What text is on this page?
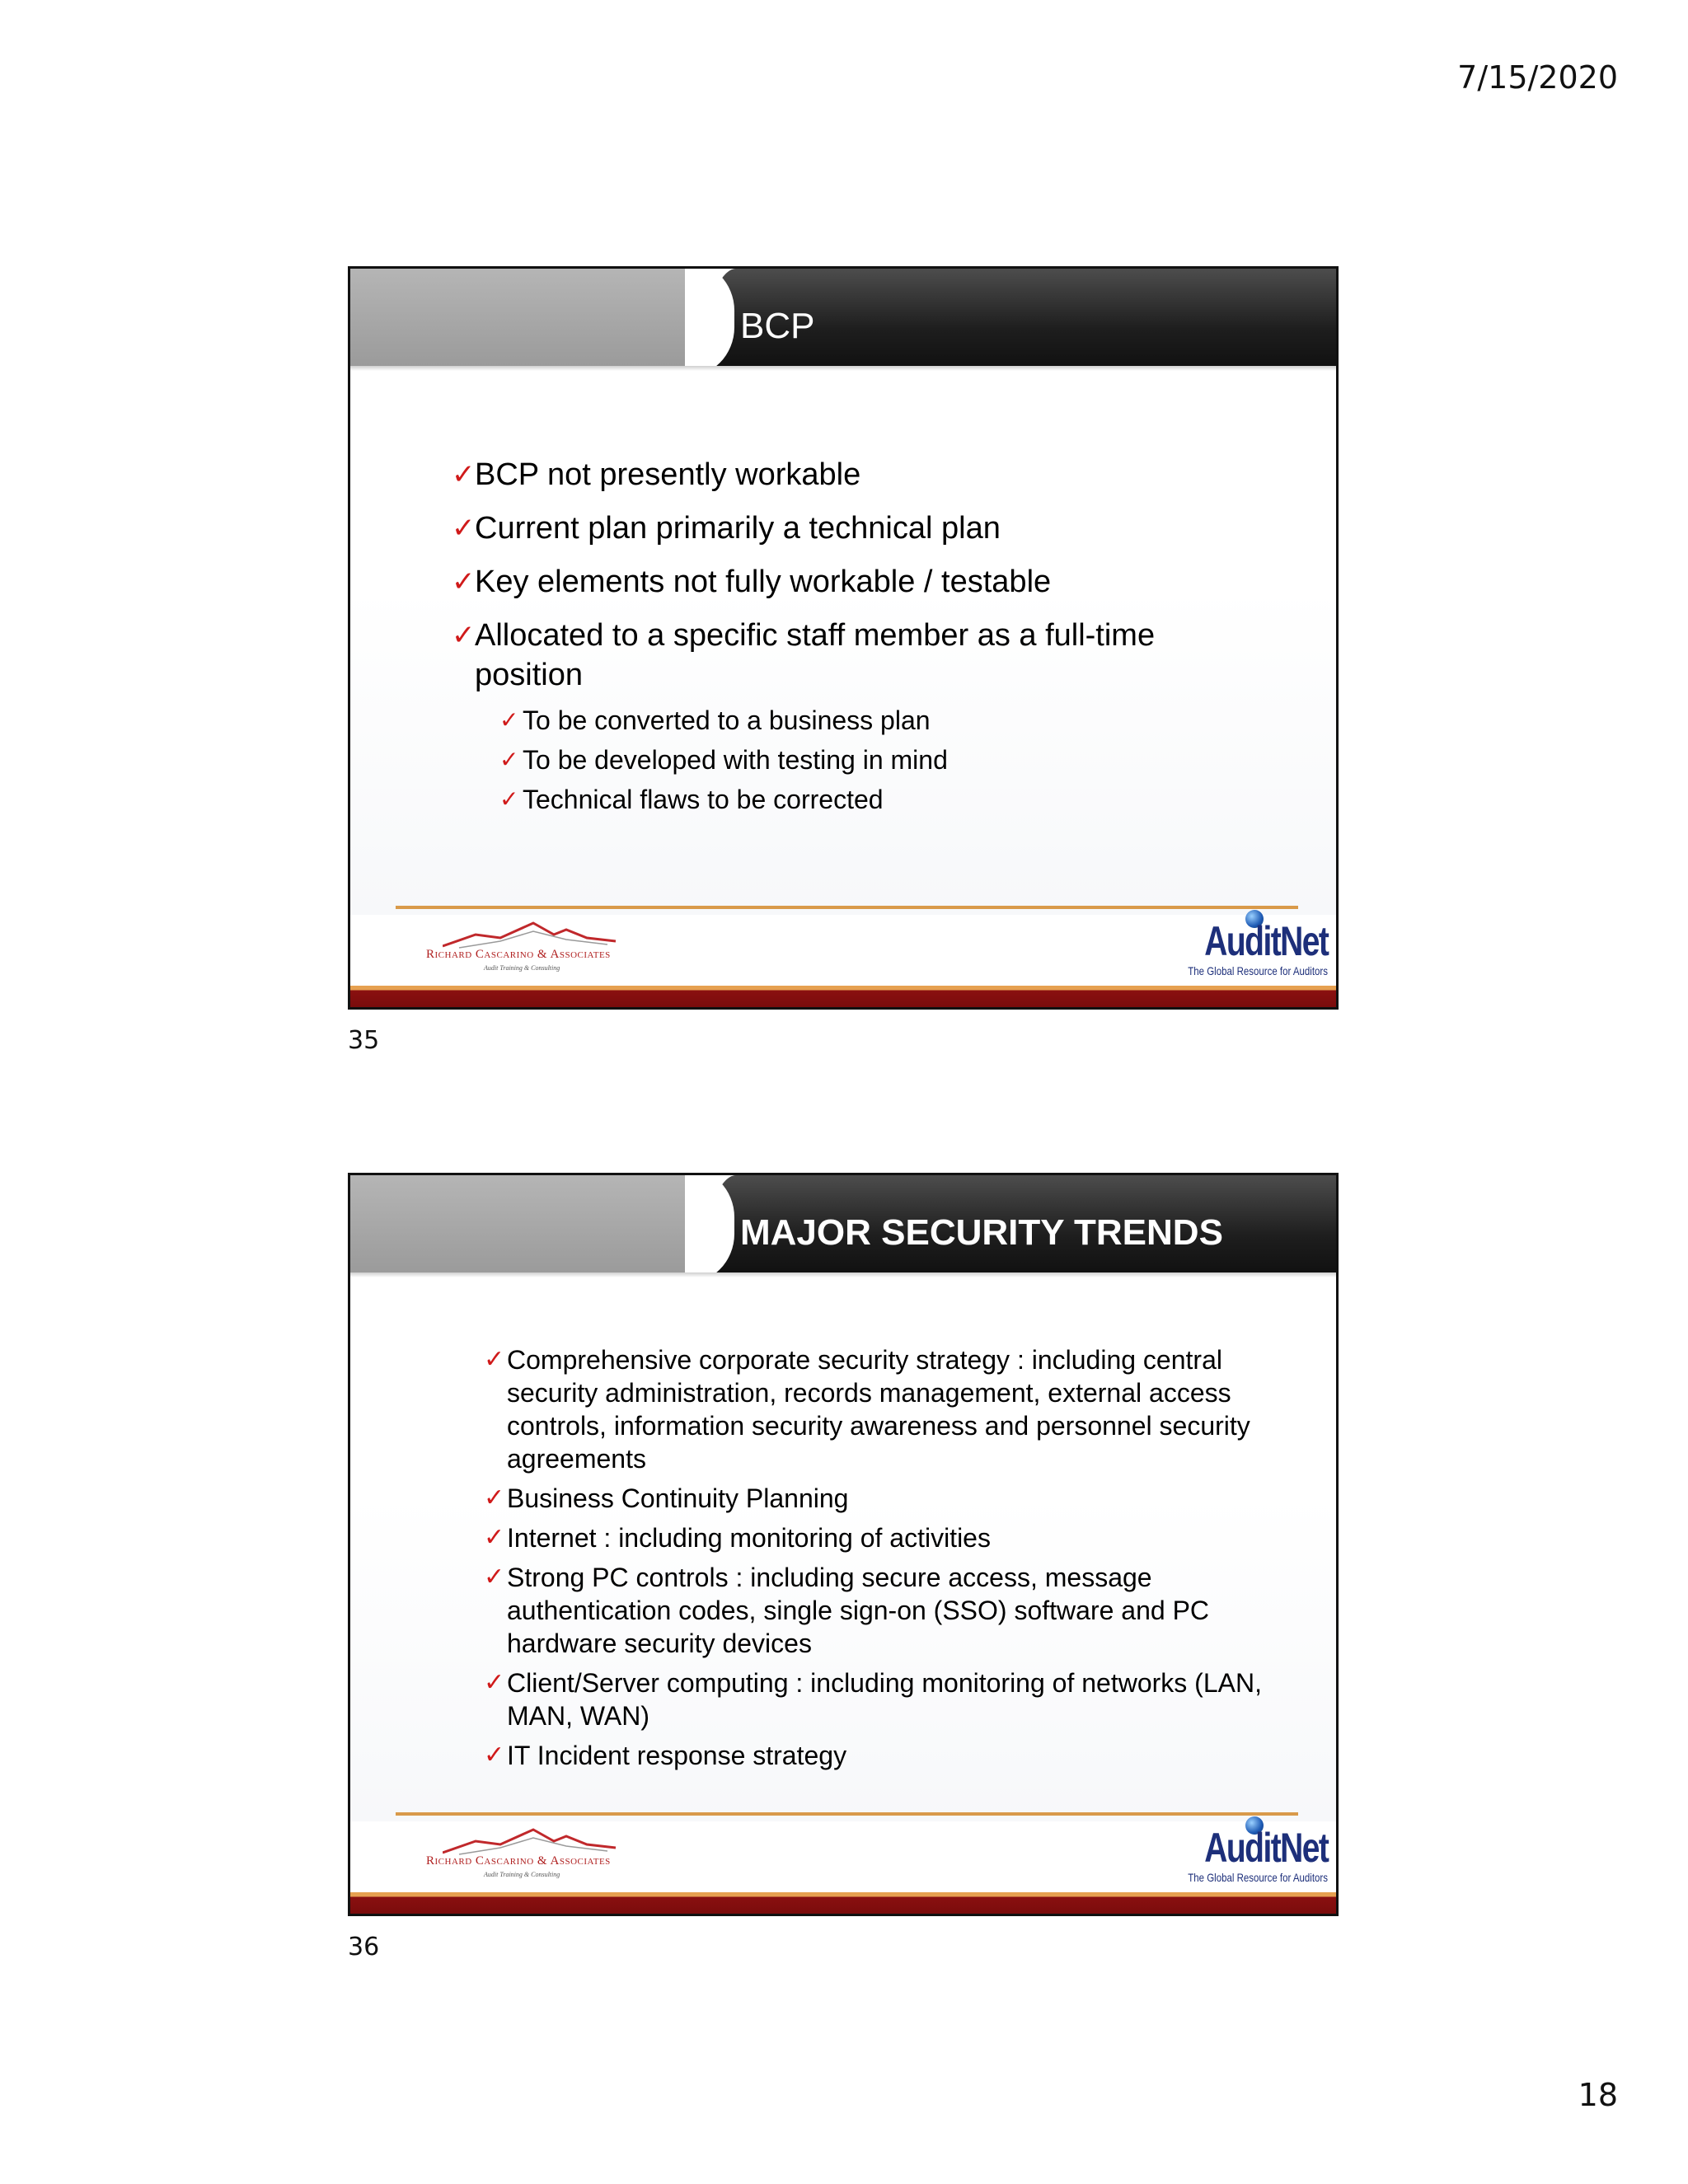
7/15/2020
BCP
✓ BCP not presently workable
✓ Current plan primarily a technical plan
✓ Key elements not fully workable / testable
✓ Allocated to a specific staff member as a full-time position
✓ To be converted to a business plan
✓ To be developed with testing in mind
✓ Technical flaws to be corrected
Richard Cascarino & Associates
Audit Training & Consulting
AuditNet
The Global Resource for Auditors
35
MAJOR SECURITY TRENDS
✓ Comprehensive corporate security strategy : including central security administration, records management, external access controls, information security awareness and personnel security agreements
✓ Business Continuity Planning
✓ Internet : including monitoring of activities
✓ Strong PC controls : including secure access, message authentication codes, single sign-on (SSO) software and PC hardware security devices
✓ Client/Server computing : including monitoring of networks (LAN, MAN, WAN)
✓ IT Incident response strategy
Richard Cascarino & Associates
Audit Training & Consulting
AuditNet
The Global Resource for Auditors
36
18
